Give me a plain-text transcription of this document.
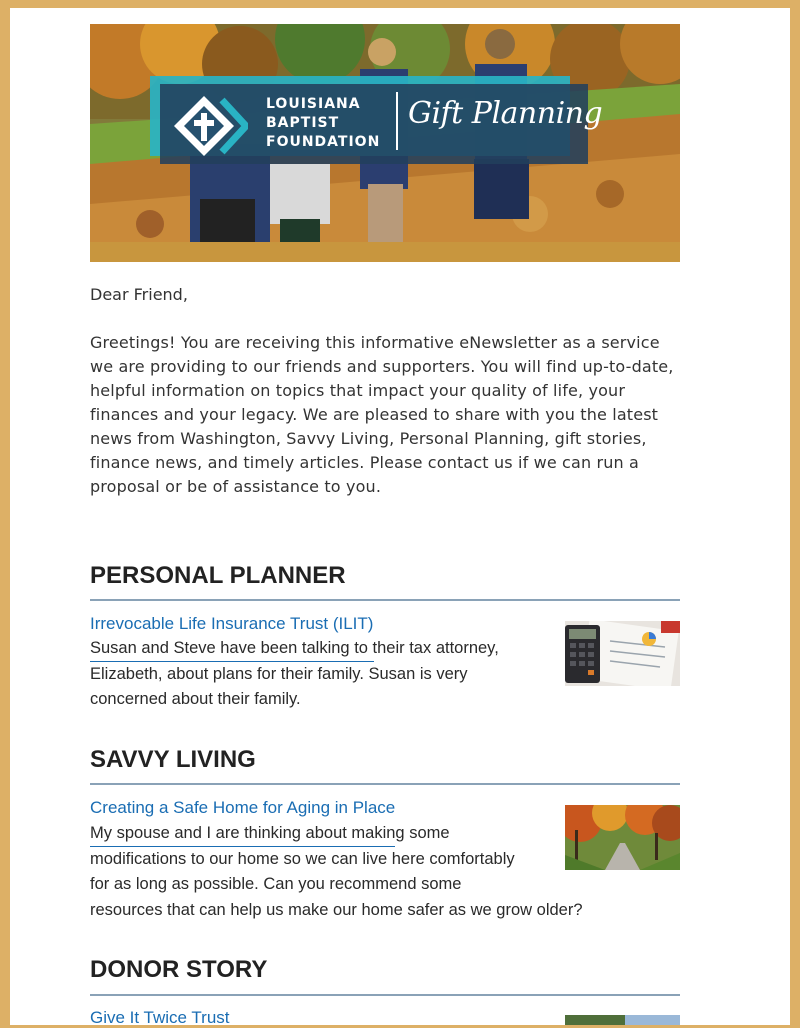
LOUISIANA
BAPTIST
FOUNDATION
Gift Planning
Dear Friend,
Greetings! You are receiving this informative eNewsletter as a service we are providing to our friends and supporters. You will find up-to-date, helpful information on topics that impact your quality of life, your finances and your legacy. We are pleased to share with you the latest news from Washington, Savvy Living, Personal Planning, gift stories, finance news, and timely articles. Please contact us if we can run a proposal or be of assistance to you.
PERSONAL PLANNER
Irrevocable Life Insurance Trust (ILIT)
Susan and Steve have been talking to their tax attorney,
Elizabeth, about plans for their family. Susan is very
concerned about their family.
SAVVY LIVING
Creating a Safe Home for Aging in Place
My spouse and I are thinking about making some
modifications to our home so we can live here comfortably
for as long as possible. Can you recommend some
resources that can help us make our home safer as we grow older?
DONOR STORY
Give It Twice Trust
